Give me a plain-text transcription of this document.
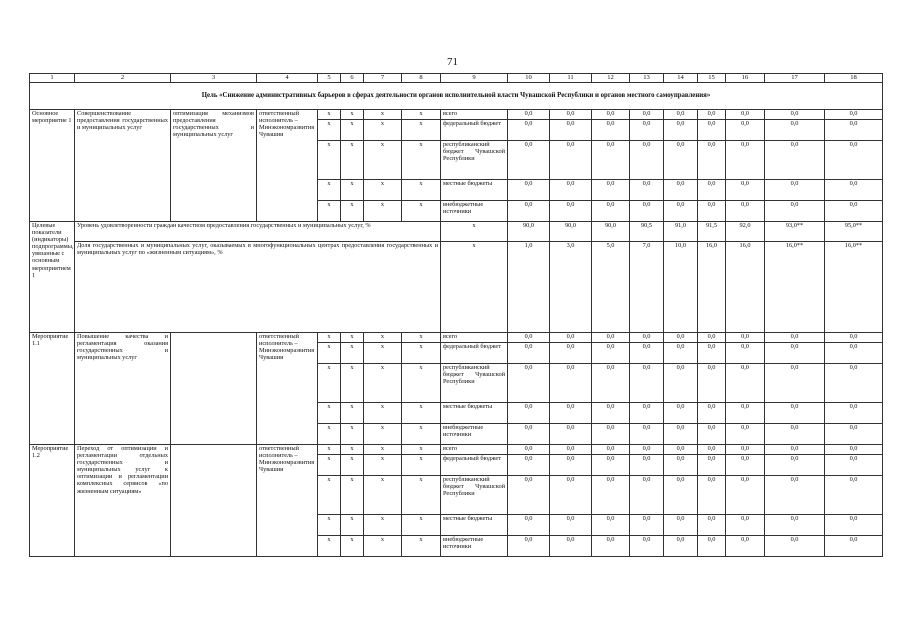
71
1	2	3	4	5	6	7	8	9	10	11	12	13	14	15	16	17	18
Цель «Снижение административных барьеров в сферах деятельности органов исполнительной власти Чувашской Республики и органов местного самоуправления»																	
Основное мероприятие 1	Совершенствование предоставления государственных и муниципальных услуг	оптимизация механизмов предоставления государственных и муниципальных услуг	ответственный исполнитель – Минэкономразвития Чувашии	x	x	x	x	всего	0,0	0,0	0,0	0,0	0,0	0,0	0,0	0,0	0,0
				x	x	x	x	федеральный бюджет	0,0	0,0	0,0	0,0	0,0	0,0	0,0	0,0	0,0
				x	x	x	x	республиканский бюджет Чувашской Республики	0,0	0,0	0,0	0,0	0,0	0,0	0,0	0,0	0,0
				x	x	x	x	местные бюджеты	0,0	0,0	0,0	0,0	0,0	0,0	0,0	0,0	0,0
				x	x	x	x	внебюджетные источники	0,0	0,0	0,0	0,0	0,0	0,0	0,0	0,0	0,0
Целевые показатели (индикаторы) подпрограммы, увязанные с основным мероприятием 1	Уровень удовлетворенности граждан качеством предоставления государственных и муниципальных услуг, %							x	90,0	90,0	90,0	90,5	91,0	91,5	92,0	93,0**	95,0**
	Доля государственных и муниципальных услуг, оказываемых в многофункциональных центрах предоставления государственных и муниципальных услуг по «жизненным ситуациям», %							x	1,0	3,0	5,0	7,0	10,0	16,0	16,0	16,0**	16,0**
Мероприятие 1.1	Повышение качества и регламентация оказания государственных и муниципальных услуг		ответственный исполнитель – Минэкономразвития Чувашии	x	x	x	x	всего	0,0	0,0	0,0	0,0	0,0	0,0	0,0	0,0	0,0
				x	x	x	x	федеральный бюджет	0,0	0,0	0,0	0,0	0,0	0,0	0,0	0,0	0,0
				x	x	x	x	республиканский бюджет Чувашской Республики	0,0	0,0	0,0	0,0	0,0	0,0	0,0	0,0	0,0
				x	x	x	x	местные бюджеты	0,0	0,0	0,0	0,0	0,0	0,0	0,0	0,0	0,0
				x	x	x	x	внебюджетные источники	0,0	0,0	0,0	0,0	0,0	0,0	0,0	0,0	0,0
Мероприятие 1.2	Переход от оптимизации и регламентации отдельных государственных и муниципальных услуг к оптимизации и регламентации комплексных сервисов «по жизненным ситуациям»		ответственный исполнитель – Минэкономразвития Чувашии	x	x	x	x	всего	0,0	0,0	0,0	0,0	0,0	0,0	0,0	0,0	0,0
				x	x	x	x	федеральный бюджет	0,0	0,0	0,0	0,0	0,0	0,0	0,0	0,0	0,0
				x	x	x	x	республиканский бюджет Чувашской Республики	0,0	0,0	0,0	0,0	0,0	0,0	0,0	0,0	0,0
				x	x	x	x	местные бюджеты	0,0	0,0	0,0	0,0	0,0	0,0	0,0	0,0	0,0
				x	x	x	x	внебюджетные источники	0,0	0,0	0,0	0,0	0,0	0,0	0,0	0,0	0,0
